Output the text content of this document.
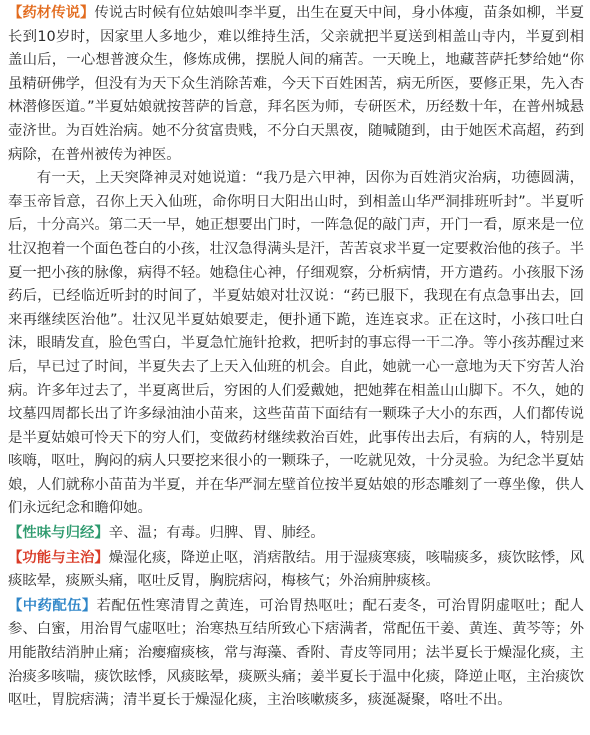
【药材传说】传说古时候有位姑娘叫李半夏，出生在夏天中间，身小体瘦，苗条如柳，半夏长到10岁时，因家里人多地少，难以维持生活，父亲就把半夏送到相盖山寺内，半夏到相盖山后，一心想普渡众生，修炼成佛，摆脱人间的痛苦。一天晚上，地藏菩萨托梦给她“你虽精研佛学，但没有为天下众生消除苦难，今天下百姓困苦，病无所医，要修正果，先入杏林潜修医道。”半夏姑娘就按菩萨的旨意，拜名医为师，专研医术，历经数十年，在普州城悬壶济世。为百姓治病。她不分贫富贵贱，不分白天黑夜，随喊随到，由于她医术高超，药到病除，在普州被传为神医。

有一天，上天突降神灵对她说道：“我乃是六甲神，因你为百姓消灾治病，功德圆满，奉玉帝旨意，召你上天入仙班，命你明日大阳出山时，到相盖山华严洞排班听封”。半夏听后，十分高兴。第二天一早，她正想要出门时，一阵急促的敲门声，开门一看，原来是一位壮汉抱着一个面色苍白的小孩，壮汉急得满头是汗，苦苦哀求半夏一定要救治他的孩子。半夏一把小孩的脉像，病得不轻。她稳住心神，仔细观察，分析病情，开方遣药。小孩服下汤药后，已经临近听封的时间了，半夏姑娘对壮汉说：“药已服下，我现在有点急事出去，回来再继续医治他”。壮汉见半夏姑娘要走，便扑通下跪，连连哀求。正在这时，小孩口吐白沫，眼睛发直，脸色雪白，半夏急忙施针抢救，把听封的事忘得一干二净。等小孩苏醒过来后，早已过了时间，半夏失去了上天入仙班的机会。自此，她就一心一意地为天下穷苦人治病。许多年过去了，半夏离世后，穷困的人们爱戴她，把她葬在相盖山山脚下。不久，她的坟墓四周都长出了许多绿油油小苗来，这些苗苗下面结有一颗珠子大小的东西，人们都传说是半夏姑娘可怜天下的穷人们，变做药材继续救治百姓，此事传出去后，有病的人，特别是咳嗨，呕吐，胸闷的病人只要挖来很小的一颗珠子，一吃就见效，十分灵验。为纪念半夏姑娘，人们就称小苗苗为半夏，并在华严洞左壁首位按半夏姑娘的形态雕刻了一尊坐像，供人们永远纪念和瞻仰她。

【性味与归经】辛、温；有毒。归脾、胃、肺经。

【功能与主治】燥湿化痰，降逆止呕，消痞散结。用于湿痰寒痰，咳喘痰多，痰饮眩悸，风痰眩晕，痰厥头痛，呕吐反胃，胸脘痞闷，梅核气；外治痈肿痰核。

【中药配伍】若配伍性寒清胃之黄连，可治胃热呕吐；配石麦冬，可治胃阴虚呕吐；配人参、白蜜，用治胃气虚呕吐；治寒热互结所致心下痞满者，常配伍干姜、黄连、黄芩等；外用能散结消肿止痛；治瘿瘤痰核，常与海藻、香附、青皮等同用；法半夏长于燥湿化痰，主治痰多咳喘，痰饮眩悸，风痰眩晕，痰厥头痛；姜半夏长于温中化痰，降逆止呕，主治痰饮呕吐，胃脘痞满；清半夏长于燥湿化痰，主治咳嗽痰多，痰涎凝聚，咯吐不出。
